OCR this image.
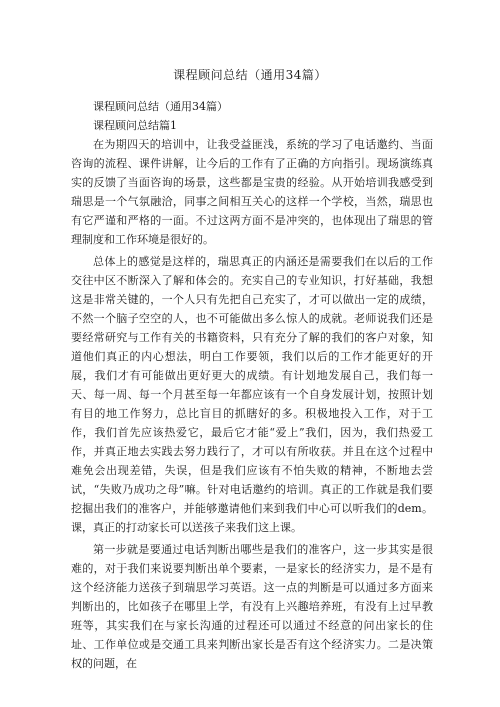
课程顾问总结（通用34篇）

课程顾问总结（通用34篇）

课程顾问总结篇1

在为期四天的培训中，让我受益匪浅，系统的学习了电话邀约、当面咨询的流程、课件讲解，让今后的工作有了正确的方向指引。现场演练真实的反馈了当面咨询的场景，这些都是宝贵的经验。从开始培训我感受到瑞思是一个气氛融洽，同事之间相互关心的这样一个学校，当然，瑞思也有它严谨和严格的一面。不过这两方面不是冲突的，也体现出了瑞思的管理制度和工作环境是很好的。

总体上的感觉是这样的，瑞思真正的内涵还是需要我们在以后的工作交往中区不断深入了解和体会的。充实自己的专业知识，打好基础，我想这是非常关键的，一个人只有先把自己充实了，才可以做出一定的成绩，不然一个脑子空空的人，也不可能做出多么惊人的成就。老师说我们还是要经常研究与工作有关的书籍资料，只有充分了解的我们的客户对象，知道他们真正的内心想法，明白工作要领，我们以后的工作才能更好的开展，我们才有可能做出更好更大的成绩。有计划地发展自己，我们每一天、每一周、每一个月甚至每一年都应该有一个自身发展计划，按照计划有目的地工作努力，总比盲目的抓瞎好的多。积极地投入工作，对于工作，我们首先应该热爱它，最后它才能“爱上”我们，因为，我们热爱工作，并真正地去实践去努力践行了，才可以有所收获。并且在这个过程中难免会出现差错，失误，但是我们应该有不怕失败的精神，不断地去尝试，“失败乃成功之母”嘛。针对电话邀约的培训。真正的工作就是我们要挖掘出我们的准客户，并能够邀请他们来到我们中心可以听我们的dem。课，真正的打动家长可以送孩子来我们这上课。

第一步就是要通过电话判断出哪些是我们的准客户，这一步其实是很难的，对于我们来说要判断出单个要素，一是家长的经济实力，是不是有这个经济能力送孩子到瑞思学习英语。这一点的判断是可以通过多方面来判断出的，比如孩子在哪里上学，有没有上兴趣培养班，有没有上过早教班等，其实我们在与家长沟通的过程还可以通过不经意的问出家长的住址、工作单位或是交通工具来判断出家长是否有这个经济实力。二是决策权的问题，在
